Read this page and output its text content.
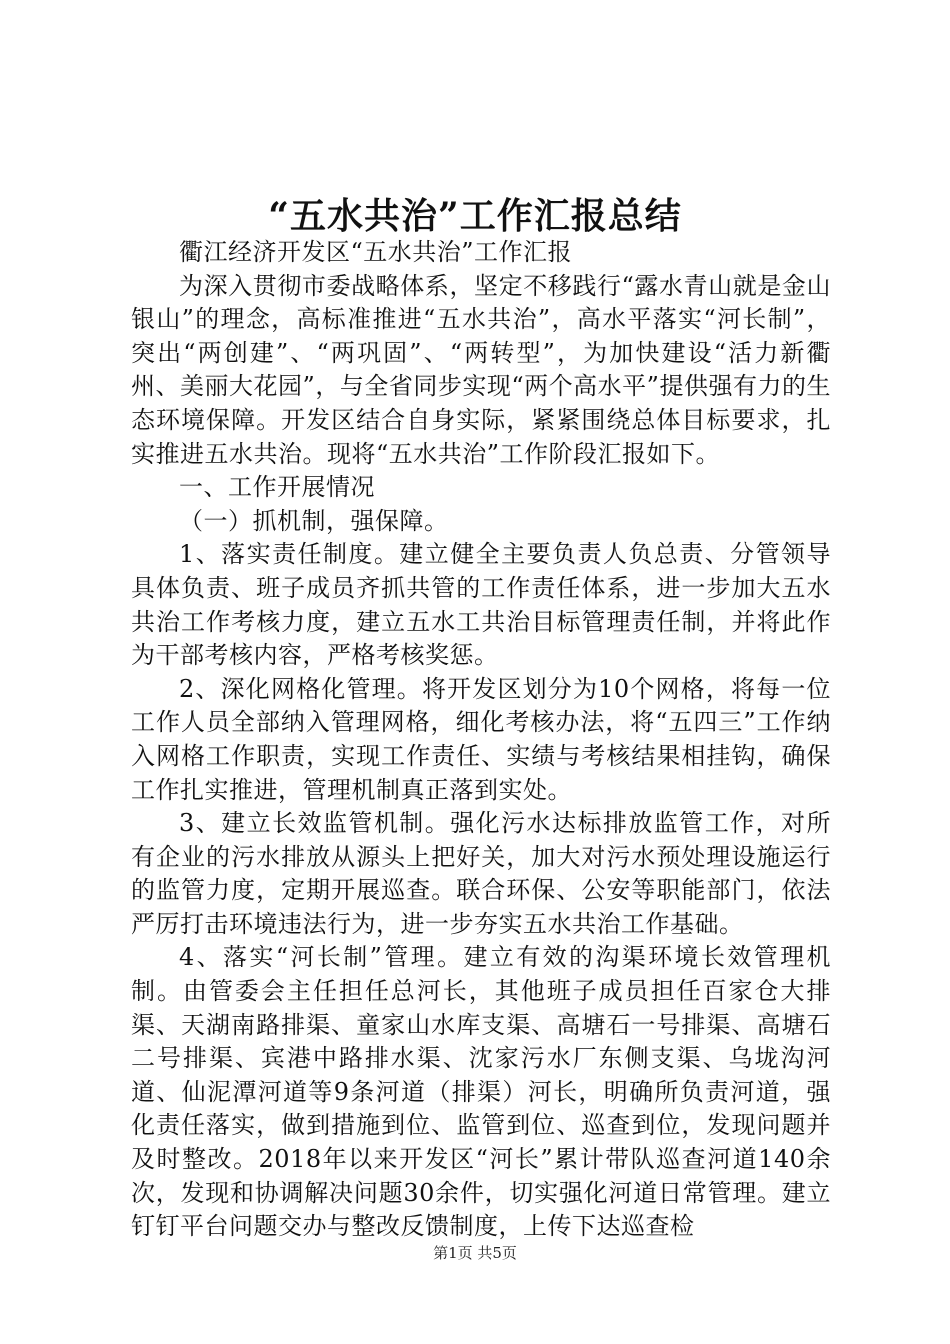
“五水共治”工作汇报总结

衢江经济开发区“五水共治”工作汇报

为深入贯彻市委战略体系，坚定不移践行“露水青山就是金山银山”的理念，高标准推进“五水共治”，高水平落实“河长制”，突出“两创建”、“两巩固”、“两转型”，为加快建设“活力新衢州、美丽大花园”，与全省同步实现“两个高水平”提供强有力的生态环境保障。开发区结合自身实际，紧紧围绕总体目标要求，扎实推进五水共治。现将“五水共治”工作阶段汇报如下。

一、工作开展情况

（一）抓机制，强保障。

1、落实责任制度。建立健全主要负责人负总责、分管领导具体负责、班子成员齐抓共管的工作责任体系，进一步加大五水共治工作考核力度，建立五水工共治目标管理责任制，并将此作为干部考核内容，严格考核奖惩。

2、深化网格化管理。将开发区划分为10个网格，将每一位工作人员全部纳入管理网格，细化考核办法，将“五四三”工作纳入网格工作职责，实现工作责任、实绩与考核结果相挂钩，确保工作扎实推进，管理机制真正落到实处。

3、建立长效监管机制。强化污水达标排放监管工作，对所有企业的污水排放从源头上把好关，加大对污水预处理设施运行的监管力度，定期开展巡查。联合环保、公安等职能部门，依法严厉打击环境违法行为，进一步夯实五水共治工作基础。

4、落实“河长制”管理。建立有效的沟渠环境长效管理机制。由管委会主任担任总河长，其他班子成员担任百家仓大排渠、天湖南路排渠、童家山水库支渠、高塘石一号排渠、高塘石二号排渠、宾港中路排水渠、沈家污水厂东侧支渠、乌垅沟河道、仙泥潭河道等9条河道（排渠）河长，明确所负责河道，强化责任落实，做到措施到位、监管到位、巡查到位，发现问题并及时整改。2018年以来开发区“河长”累计带队巡查河道140余次，发现和协调解决问题30余件，切实强化河道日常管理。建立钉钉平台问题交办与整改反馈制度，上传下达巡查检

第1页 共5页
